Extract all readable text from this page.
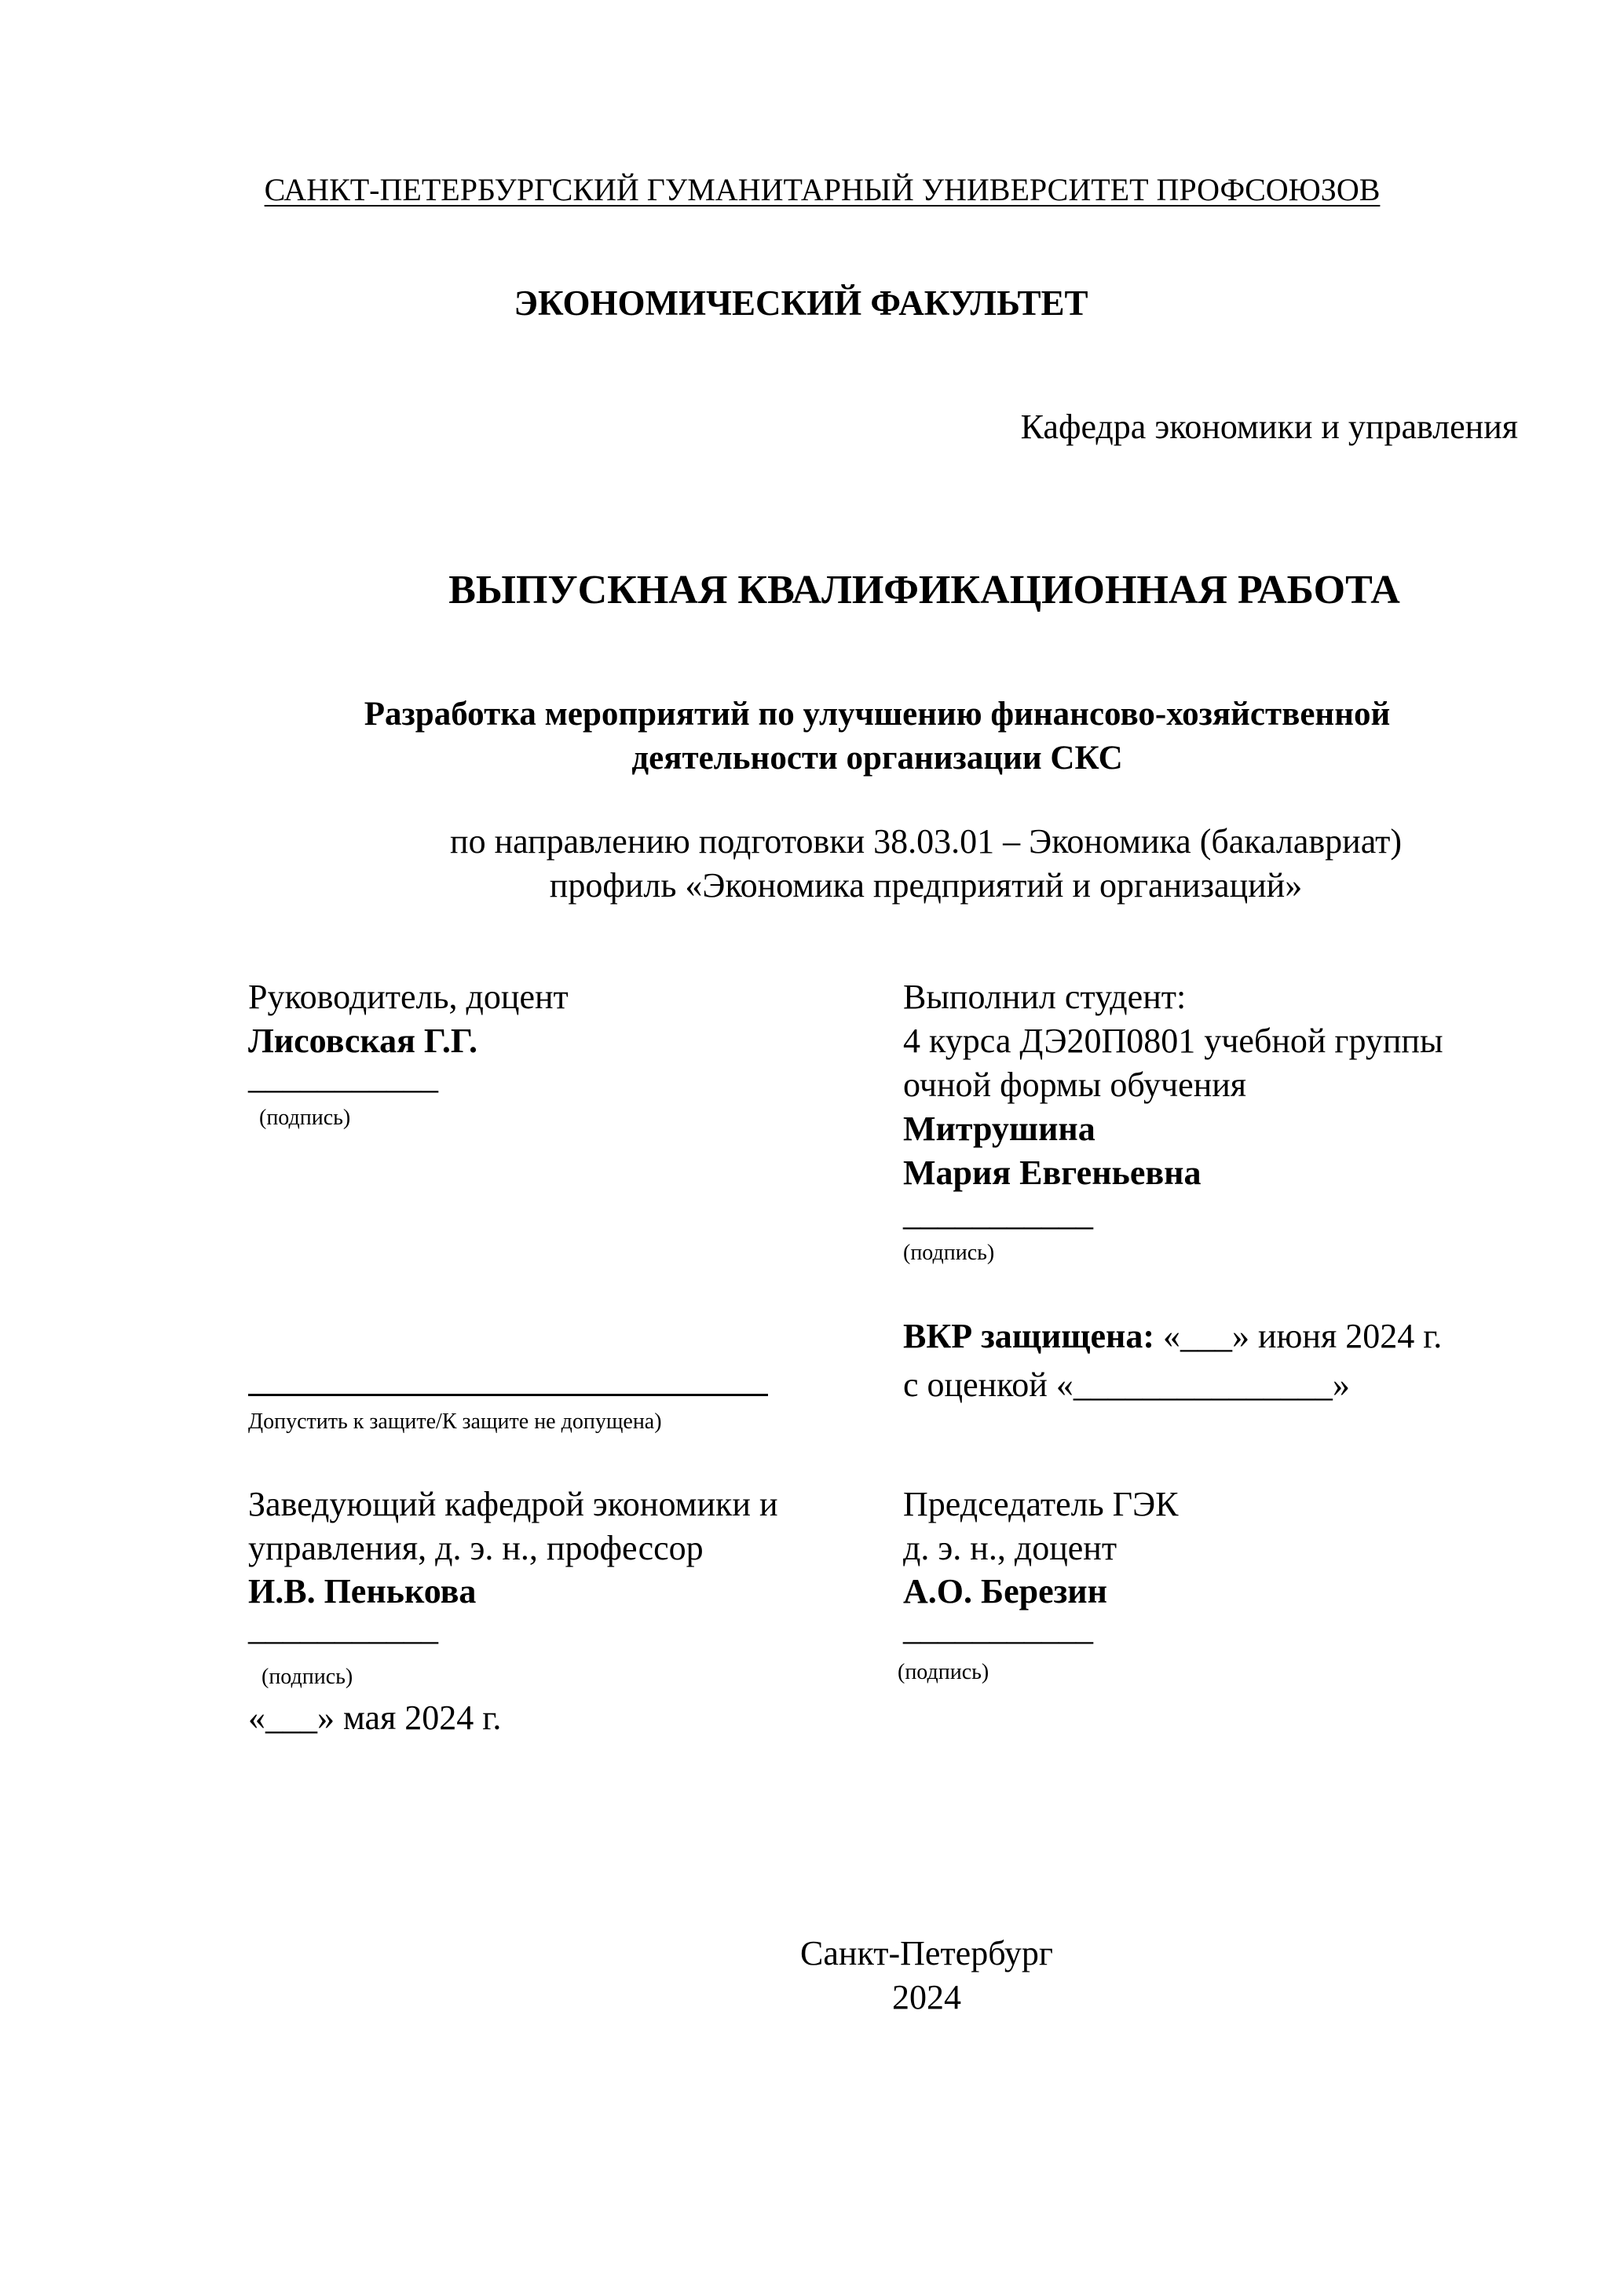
САНКТ-ПЕТЕРБУРГСКИЙ ГУМАНИТАРНЫЙ УНИВЕРСИТЕТ ПРОФСОЮЗОВ
ЭКОНОМИЧЕСКИЙ ФАКУЛЬТЕТ
Кафедра экономики и управления
ВЫПУСКНАЯ КВАЛИФИКАЦИОННАЯ РАБОТА
Разработка мероприятий по улучшению финансово-хозяйственной
деятельности организации СКС
по направлению подготовки 38.03.01 – Экономика (бакалавриат)
профиль «Экономика предприятий и организаций»
Руководитель, доцент
Лисовская Г.Г.
___________
(подпись)
Допустить к защите/К защите не допущена)
Заведующий кафедрой экономики и
управления, д. э. н., профессор
И.В. Пенькова
___________
(подпись)
«___» мая 2024 г.
Выполнил студент:
4 курса ДЭ20П0801 учебной группы
очной формы обучения
Митрушина
Мария Евгеньевна
___________
(подпись)
ВКР защищена: «___» июня 2024 г.
с оценкой «_______________»
Председатель ГЭК
д. э. н., доцент
А.О. Березин
___________
(подпись)
Санкт-Петербург
2024
